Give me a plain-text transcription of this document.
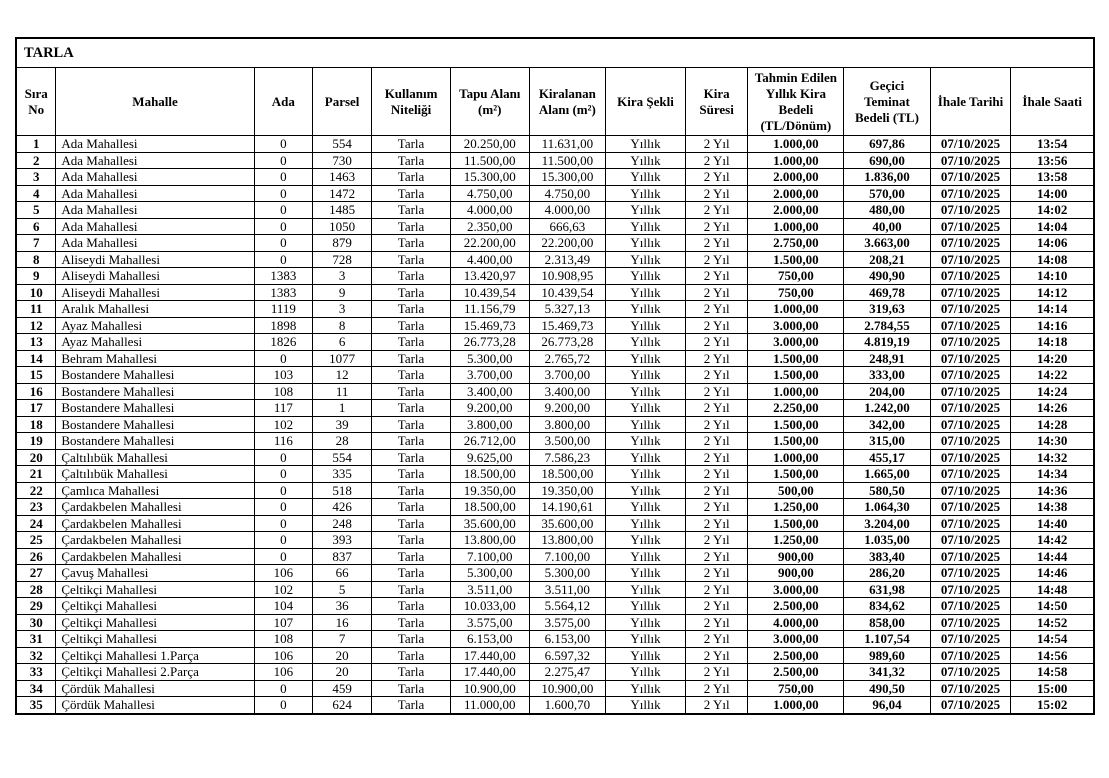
TARLA												
Sıra No	Mahalle	Ada	Parsel	Kullanım Niteliği	Tapu Alanı (m²)	Kiralanan Alanı (m²)	Kira Şekli	Kira Süresi	Tahmin Edilen Yıllık Kira Bedeli (TL/Dönüm)	Geçici Teminat Bedeli (TL)	İhale Tarihi	İhale Saati
1	Ada Mahallesi	0	554	Tarla	20.250,00	11.631,00	Yıllık	2 Yıl	1.000,00	697,86	07/10/2025	13:54
2	Ada Mahallesi	0	730	Tarla	11.500,00	11.500,00	Yıllık	2 Yıl	1.000,00	690,00	07/10/2025	13:56
3	Ada Mahallesi	0	1463	Tarla	15.300,00	15.300,00	Yıllık	2 Yıl	2.000,00	1.836,00	07/10/2025	13:58
4	Ada Mahallesi	0	1472	Tarla	4.750,00	4.750,00	Yıllık	2 Yıl	2.000,00	570,00	07/10/2025	14:00
5	Ada Mahallesi	0	1485	Tarla	4.000,00	4.000,00	Yıllık	2 Yıl	2.000,00	480,00	07/10/2025	14:02
6	Ada Mahallesi	0	1050	Tarla	2.350,00	666,63	Yıllık	2 Yıl	1.000,00	40,00	07/10/2025	14:04
7	Ada Mahallesi	0	879	Tarla	22.200,00	22.200,00	Yıllık	2 Yıl	2.750,00	3.663,00	07/10/2025	14:06
8	Aliseydi Mahallesi	0	728	Tarla	4.400,00	2.313,49	Yıllık	2 Yıl	1.500,00	208,21	07/10/2025	14:08
9	Aliseydi Mahallesi	1383	3	Tarla	13.420,97	10.908,95	Yıllık	2 Yıl	750,00	490,90	07/10/2025	14:10
10	Aliseydi Mahallesi	1383	9	Tarla	10.439,54	10.439,54	Yıllık	2 Yıl	750,00	469,78	07/10/2025	14:12
11	Aralık Mahallesi	1119	3	Tarla	11.156,79	5.327,13	Yıllık	2 Yıl	1.000,00	319,63	07/10/2025	14:14
12	Ayaz Mahallesi	1898	8	Tarla	15.469,73	15.469,73	Yıllık	2 Yıl	3.000,00	2.784,55	07/10/2025	14:16
13	Ayaz Mahallesi	1826	6	Tarla	26.773,28	26.773,28	Yıllık	2 Yıl	3.000,00	4.819,19	07/10/2025	14:18
14	Behram Mahallesi	0	1077	Tarla	5.300,00	2.765,72	Yıllık	2 Yıl	1.500,00	248,91	07/10/2025	14:20
15	Bostandere Mahallesi	103	12	Tarla	3.700,00	3.700,00	Yıllık	2 Yıl	1.500,00	333,00	07/10/2025	14:22
16	Bostandere Mahallesi	108	11	Tarla	3.400,00	3.400,00	Yıllık	2 Yıl	1.000,00	204,00	07/10/2025	14:24
17	Bostandere Mahallesi	117	1	Tarla	9.200,00	9.200,00	Yıllık	2 Yıl	2.250,00	1.242,00	07/10/2025	14:26
18	Bostandere Mahallesi	102	39	Tarla	3.800,00	3.800,00	Yıllık	2 Yıl	1.500,00	342,00	07/10/2025	14:28
19	Bostandere Mahallesi	116	28	Tarla	26.712,00	3.500,00	Yıllık	2 Yıl	1.500,00	315,00	07/10/2025	14:30
20	Çaltılıbük Mahallesi	0	554	Tarla	9.625,00	7.586,23	Yıllık	2 Yıl	1.000,00	455,17	07/10/2025	14:32
21	Çaltılıbük Mahallesi	0	335	Tarla	18.500,00	18.500,00	Yıllık	2 Yıl	1.500,00	1.665,00	07/10/2025	14:34
22	Çamlıca Mahallesi	0	518	Tarla	19.350,00	19.350,00	Yıllık	2 Yıl	500,00	580,50	07/10/2025	14:36
23	Çardakbelen Mahallesi	0	426	Tarla	18.500,00	14.190,61	Yıllık	2 Yıl	1.250,00	1.064,30	07/10/2025	14:38
24	Çardakbelen Mahallesi	0	248	Tarla	35.600,00	35.600,00	Yıllık	2 Yıl	1.500,00	3.204,00	07/10/2025	14:40
25	Çardakbelen Mahallesi	0	393	Tarla	13.800,00	13.800,00	Yıllık	2 Yıl	1.250,00	1.035,00	07/10/2025	14:42
26	Çardakbelen Mahallesi	0	837	Tarla	7.100,00	7.100,00	Yıllık	2 Yıl	900,00	383,40	07/10/2025	14:44
27	Çavuş Mahallesi	106	66	Tarla	5.300,00	5.300,00	Yıllık	2 Yıl	900,00	286,20	07/10/2025	14:46
28	Çeltikçi Mahallesi	102	5	Tarla	3.511,00	3.511,00	Yıllık	2 Yıl	3.000,00	631,98	07/10/2025	14:48
29	Çeltikçi Mahallesi	104	36	Tarla	10.033,00	5.564,12	Yıllık	2 Yıl	2.500,00	834,62	07/10/2025	14:50
30	Çeltikçi Mahallesi	107	16	Tarla	3.575,00	3.575,00	Yıllık	2 Yıl	4.000,00	858,00	07/10/2025	14:52
31	Çeltikçi Mahallesi	108	7	Tarla	6.153,00	6.153,00	Yıllık	2 Yıl	3.000,00	1.107,54	07/10/2025	14:54
32	Çeltikçi Mahallesi 1.Parça	106	20	Tarla	17.440,00	6.597,32	Yıllık	2 Yıl	2.500,00	989,60	07/10/2025	14:56
33	Çeltikçi Mahallesi 2.Parça	106	20	Tarla	17.440,00	2.275,47	Yıllık	2 Yıl	2.500,00	341,32	07/10/2025	14:58
34	Çördük Mahallesi	0	459	Tarla	10.900,00	10.900,00	Yıllık	2 Yıl	750,00	490,50	07/10/2025	15:00
35	Çördük Mahallesi	0	624	Tarla	11.000,00	1.600,70	Yıllık	2 Yıl	1.000,00	96,04	07/10/2025	15:02
